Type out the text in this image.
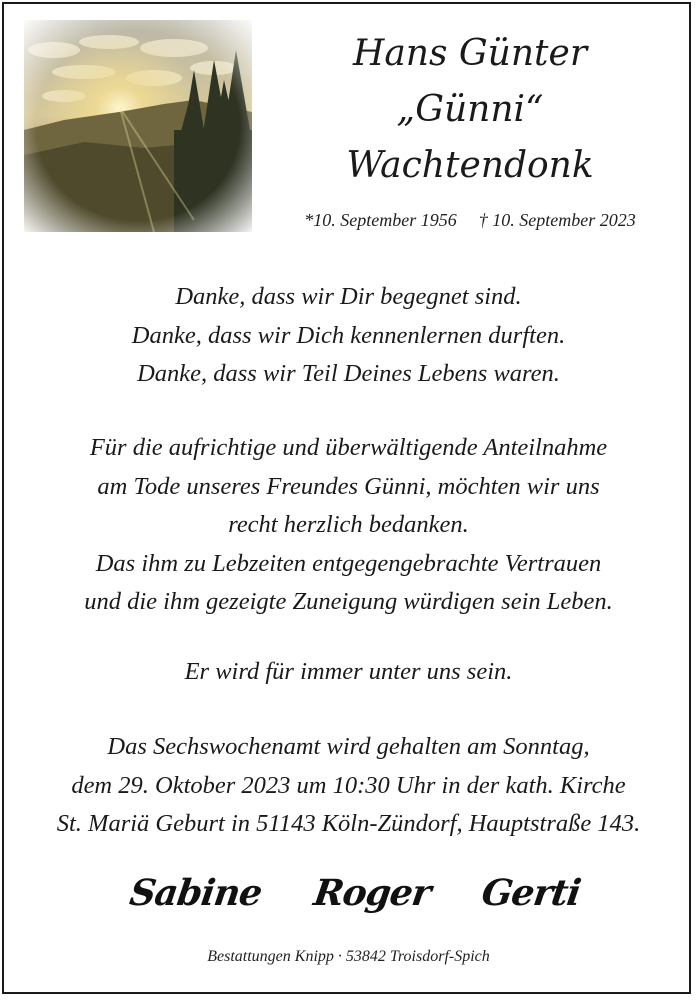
Hans Günter
„Günni“
Wachtendonk
*10. September 1956 † 10. September 2023
Danke, dass wir Dir begegnet sind.
Danke, dass wir Dich kennenlernen durften.
Danke, dass wir Teil Deines Lebens waren.
Für die aufrichtige und überwältigende Anteilnahme
am Tode unseres Freundes Günni, möchten wir uns
recht herzlich bedanken.
Das ihm zu Lebzeiten entgegengebrachte Vertrauen
und die ihm gezeigte Zuneigung würdigen sein Leben.
Er wird für immer unter uns sein.
Das Sechswochenamt wird gehalten am Sonntag,
dem 29. Oktober 2023 um 10:30 Uhr in der kath. Kirche
St. Mariä Geburt in 51143 Köln-Zündorf, Hauptstraße 143.
Sabine Roger Gerti
Bestattungen Knipp · 53842 Troisdorf-Spich
